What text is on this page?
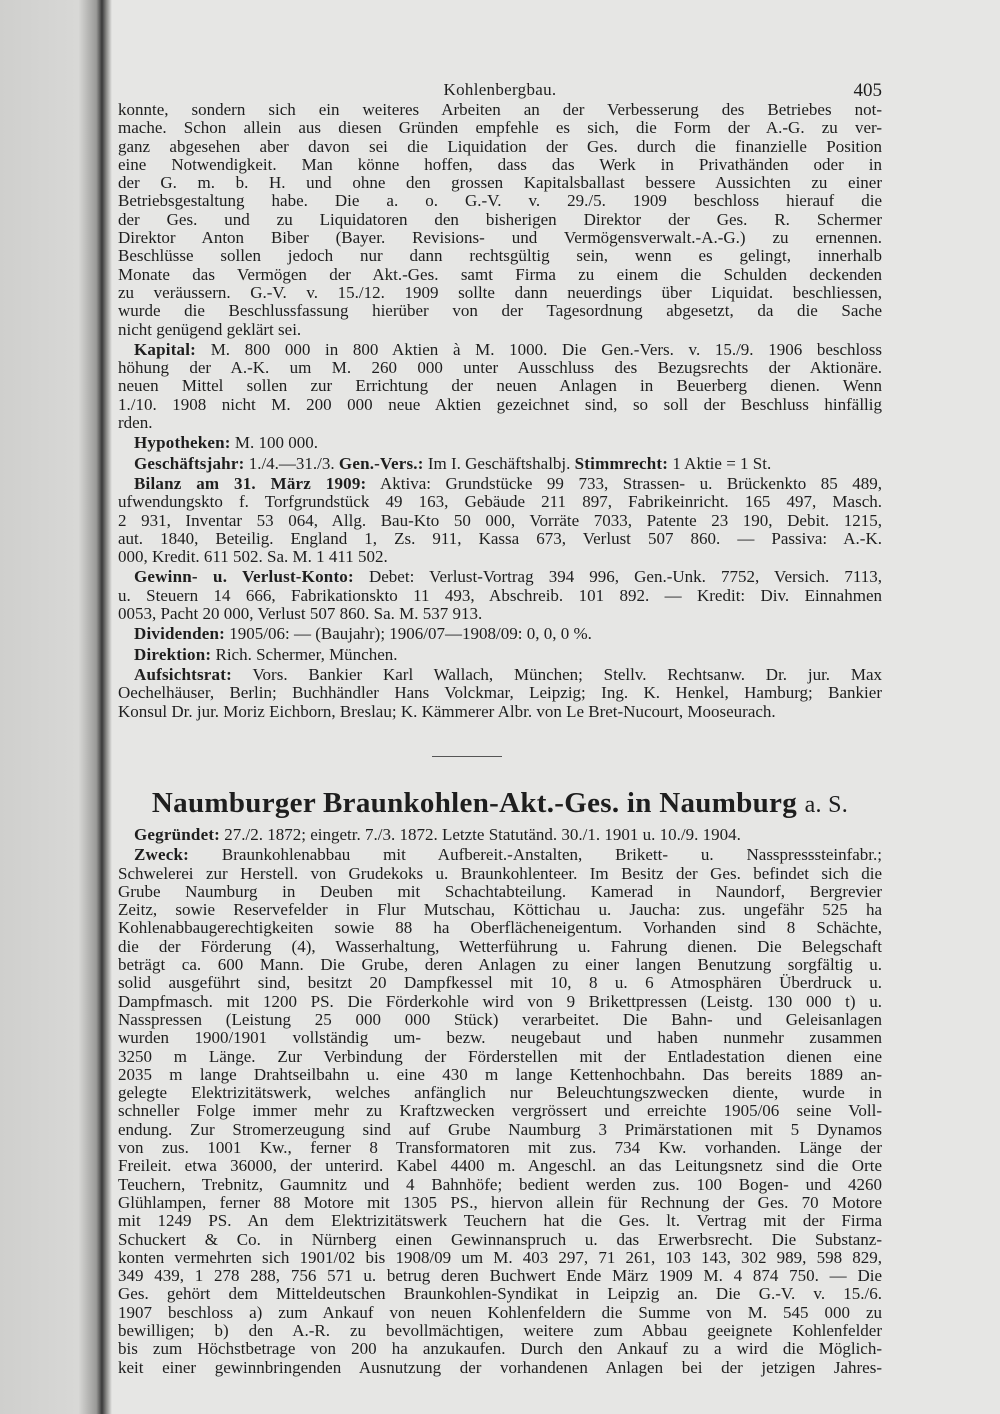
Kohlenbergbau.	405
konnte, sondern sich ein weiteres Arbeiten an der Verbesserung des Betriebes not-
mache. Schon allein aus diesen Gründen empfehle es sich, die Form der A.-G. zu ver-
ganz abgesehen aber davon sei die Liquidation der Ges. durch die finanzielle Position
eine Notwendigkeit. Man könne hoffen, dass das Werk in Privathänden oder in
der G. m. b. H. und ohne den grossen Kapitalsballast bessere Aussichten zu einer
Betriebsgestaltung habe. Die a. o. G.-V. v. 29./5. 1909 beschloss hierauf die
der Ges. und zu Liquidatoren den bisherigen Direktor der Ges. R. Schermer
Direktor Anton Biber (Bayer. Revisions- und Vermögensverwalt.-A.-G.) zu ernennen.
Beschlüsse sollen jedoch nur dann rechtsgültig sein, wenn es gelingt, innerhalb
Monate das Vermögen der Akt.-Ges. samt Firma zu einem die Schulden deckenden
zu veräussern. G.-V. v. 15./12. 1909 sollte dann neuerdings über Liquidat. beschliessen,
wurde die Beschlussfassung hierüber von der Tagesordnung abgesetzt, da die Sache
nicht genügend geklärt sei.
Kapital: M. 800 000 in 800 Aktien à M. 1000. Die Gen.-Vers. v. 15./9. 1906 beschloss
höhung der A.-K. um M. 260 000 unter Ausschluss des Bezugsrechts der Aktionäre.
neuen Mittel sollen zur Errichtung der neuen Anlagen in Beuerberg dienen. Wenn
1./10. 1908 nicht M. 200 000 neue Aktien gezeichnet sind, so soll der Beschluss hinfällig
rden.
Hypotheken: M. 100 000.
Geschäftsjahr: 1./4.—31./3. Gen.-Vers.: Im I. Geschäftshalbj. Stimmrecht: 1 Aktie = 1 St.
Bilanz am 31. März 1909: Aktiva: Grundstücke 99 733, Strassen- u. Brückenkto 85 489,
ufwendungskto f. Torfgrundstück 49 163, Gebäude 211 897, Fabrikeinricht. 165 497, Masch.
2 931, Inventar 53 064, Allg. Bau-Kto 50 000, Vorräte 7033, Patente 23 190, Debit. 1215,
aut. 1840, Beteilig. England 1, Zs. 911, Kassa 673, Verlust 507 860. — Passiva: A.-K.
000, Kredit. 611 502. Sa. M. 1 411 502.
Gewinn- u. Verlust-Konto: Debet: Verlust-Vortrag 394 996, Gen.-Unk. 7752, Versich. 7113,
u. Steuern 14 666, Fabrikationskto 11 493, Abschreib. 101 892. — Kredit: Div. Einnahmen
0053, Pacht 20 000, Verlust 507 860. Sa. M. 537 913.
Dividenden: 1905/06: — (Baujahr); 1906/07—1908/09: 0, 0, 0 %.
Direktion: Rich. Schermer, München.
Aufsichtsrat: Vors. Bankier Karl Wallach, München; Stellv. Rechtsanw. Dr. jur. Max
Oechelhäuser, Berlin; Buchhändler Hans Volckmar, Leipzig; Ing. K. Henkel, Hamburg; Bankier
Konsul Dr. jur. Moriz Eichborn, Breslau; K. Kämmerer Albr. von Le Bret-Nucourt, Mooseurach.
Naumburger Braunkohlen-Akt.-Ges. in Naumburg a. S.
Gegründet: 27./2. 1872; eingetr. 7./3. 1872. Letzte Statutänd. 30./1. 1901 u. 10./9. 1904.
Zweck: Braunkohlenabbau mit Aufbereit.-Anstalten, Brikett- u. Nasspresssteinfabr.;
Schwelerei zur Herstell. von Grudekoks u. Braunkohlenteer. Im Besitz der Ges. befindet sich die
Grube Naumburg in Deuben mit Schachtabteilung. Kamerad in Naundorf, Bergrevier
Zeitz, sowie Reservefelder in Flur Mutschau, Köttichau u. Jaucha: zus. ungefähr 525 ha
Kohlenabbaugerechtigkeiten sowie 88 ha Oberflächeneigentum. Vorhanden sind 8 Schächte,
die der Förderung (4), Wasserhaltung, Wetterführung u. Fahrung dienen. Die Belegschaft
beträgt ca. 600 Mann. Die Grube, deren Anlagen zu einer langen Benutzung sorgfältig u.
solid ausgeführt sind, besitzt 20 Dampfkessel mit 10, 8 u. 6 Atmosphären Überdruck u.
Dampfmasch. mit 1200 PS. Die Förderkohle wird von 9 Brikettpressen (Leistg. 130 000 t) u.
Nasspressen (Leistung 25 000 000 Stück) verarbeitet. Die Bahn- und Geleisanlagen
wurden 1900/1901 vollständig um- bezw. neugebaut und haben nunmehr zusammen
3250 m Länge. Zur Verbindung der Förderstellen mit der Entladestation dienen eine
2035 m lange Drahtseilbahn u. eine 430 m lange Kettenhochbahn. Das bereits 1889 an-
gelegte Elektrizitätswerk, welches anfänglich nur Beleuchtungszwecken diente, wurde in
schneller Folge immer mehr zu Kraftzwecken vergrössert und erreichte 1905/06 seine Voll-
endung. Zur Stromerzeugung sind auf Grube Naumburg 3 Primärstationen mit 5 Dynamos
von zus. 1001 Kw., ferner 8 Transformatoren mit zus. 734 Kw. vorhanden. Länge der
Freileit. etwa 36000, der unterird. Kabel 4400 m. Angeschl. an das Leitungsnetz sind die Orte
Teuchern, Trebnitz, Gaumnitz und 4 Bahnhöfe; bedient werden zus. 100 Bogen- und 4260
Glühlampen, ferner 88 Motore mit 1305 PS., hiervon allein für Rechnung der Ges. 70 Motore
mit 1249 PS. An dem Elektrizitätswerk Teuchern hat die Ges. lt. Vertrag mit der Firma
Schuckert & Co. in Nürnberg einen Gewinnanspruch u. das Erwerbsrecht. Die Substanz-
konten vermehrten sich 1901/02 bis 1908/09 um M. 403 297, 71 261, 103 143, 302 989, 598 829,
349 439, 1 278 288, 756 571 u. betrug deren Buchwert Ende März 1909 M. 4 874 750. — Die
Ges. gehört dem Mitteldeutschen Braunkohlen-Syndikat in Leipzig an. Die G.-V. v. 15./6.
1907 beschloss a) zum Ankauf von neuen Kohlenfeldern die Summe von M. 545 000 zu
bewilligen; b) den A.-R. zu bevollmächtigen, weitere zum Abbau geeignete Kohlenfelder
bis zum Höchstbetrage von 200 ha anzukaufen. Durch den Ankauf zu a wird die Möglich-
keit einer gewinnbringenden Ausnutzung der vorhandenen Anlagen bei der jetzigen Jahres-
